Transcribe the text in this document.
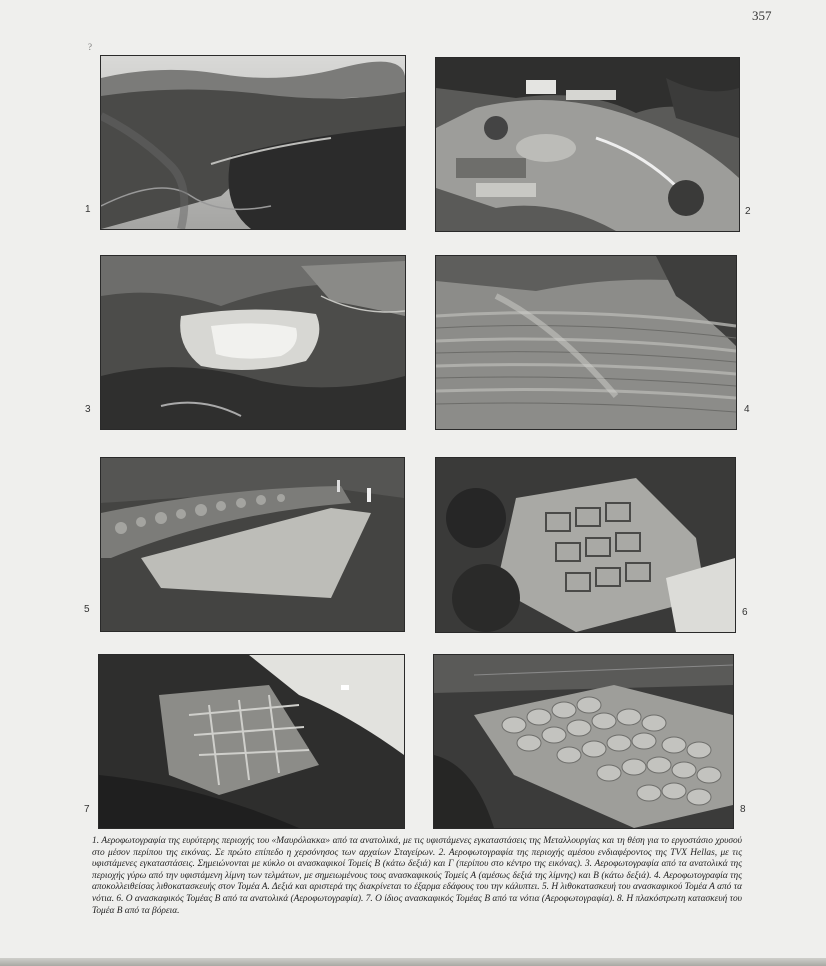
357
?
1	2
3	4
5	6
7	8
1. Αεροφωτογραφία της ευρύτερης περιοχής του «Μαυρόλακκα» από τα ανατολικά, με τις υφιστάμενες εγκαταστάσεις της Μεταλλουργίας και τη θέση για το εργοστάσιο χρυσού στο μέσον περίπου της εικόνας. Σε πρώτο επίπεδο η χερσόνησος των αρχαίων Σταγείρων. 2. Αεροφωτογραφία της περιοχής αμέσου ενδιαφέροντος της TVX Hellas, με τις υφιστάμενες εγκαταστάσεις. Σημειώνονται με κύκλο οι ανασκαφικοί Τομείς Β (κάτω δεξιά) και Γ (περίπου στο κέντρο της εικόνας). 3. Αεροφωτογραφία από τα ανατολικά της περιοχής γύρω από την υφιστάμενη λίμνη των τελμάτων, με σημειωμένους τους ανασκαφικούς Τομείς Α (αμέσως δεξιά της λίμνης) και Β (κάτω δεξιά). 4. Αεροφωτογραφία της αποκολλειθείσας λιθοκατασκευής στον Τομέα Α. Δεξιά και αριστερά της διακρίνεται το έξαρμα εδάφους του την κάλυπτει. 5. Η λιθοκατασκευή του ανασκαφικού Τομέα Α από τα νότια. 6. Ο ανασκαφικός Τομέας Β από τα ανατολικά (Αεροφωτογραφία). 7. Ο ίδιος ανασκαφικός Τομέας Β από τα νότια (Αεροφωτογραφία). 8. Η πλακόστρωτη κατασκευή του Τομέα Β από τα βόρεια.
